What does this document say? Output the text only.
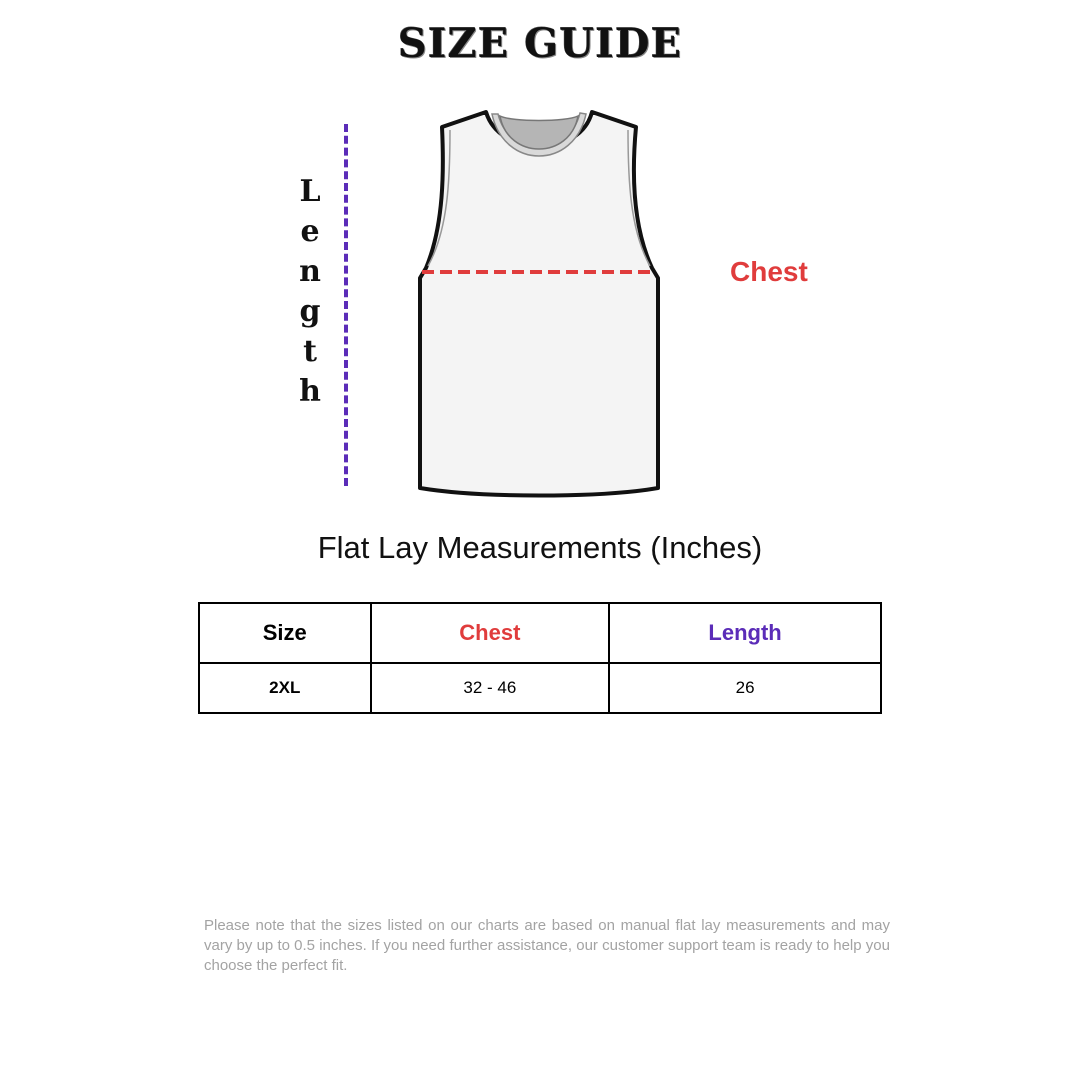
SIZE GUIDE
L
e
n
g
t
h
Chest
Flat Lay Measurements (Inches)
Size	Chest	Length
2XL	32 - 46	26
Please note that the sizes listed on our charts are based on manual flat lay measurements and may vary by up to 0.5 inches. If you need further assistance, our customer support team is ready to help you choose the perfect fit.
